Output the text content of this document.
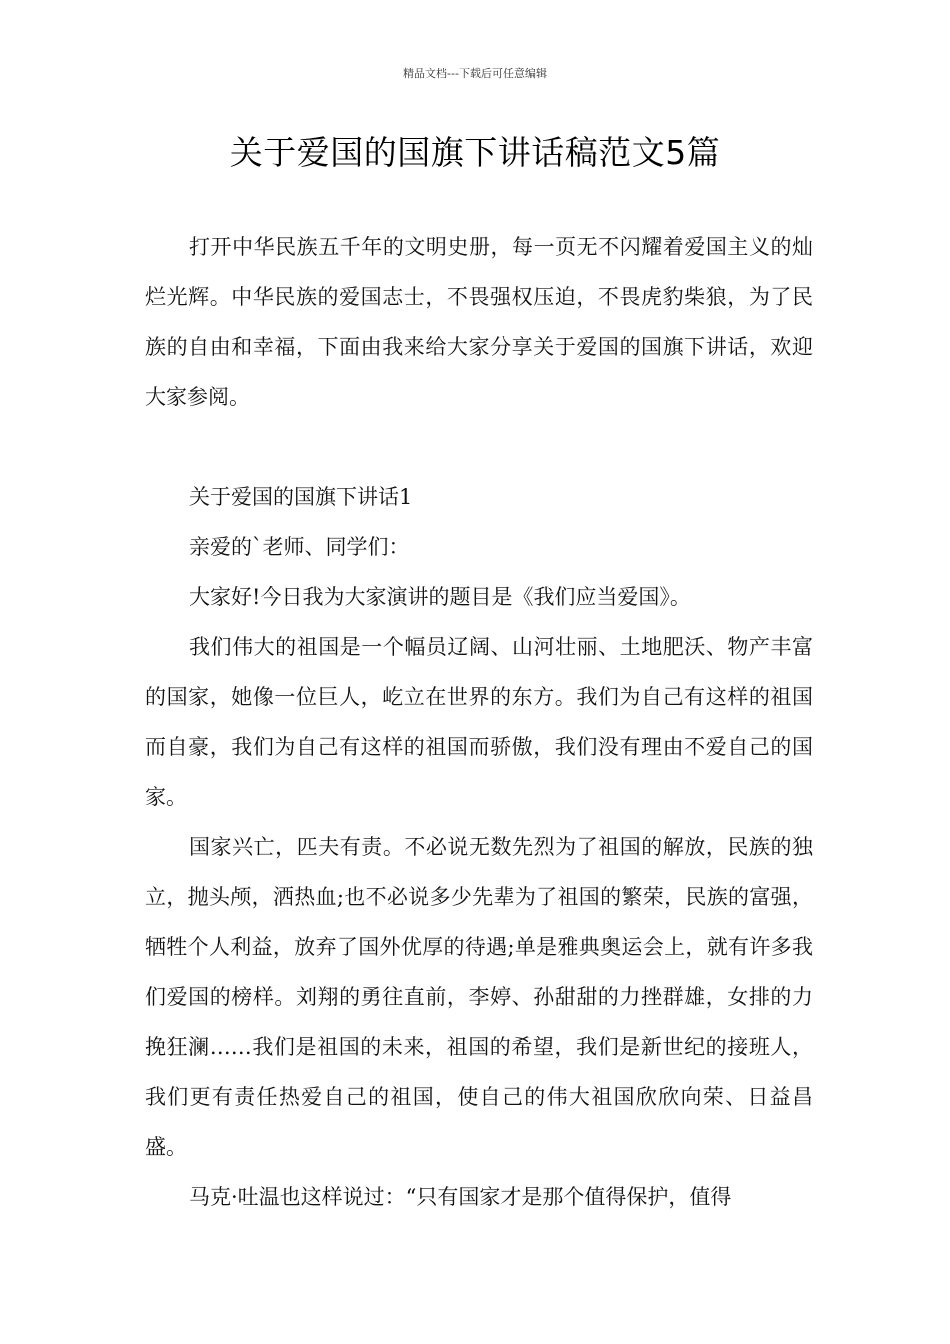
精品文档---下载后可任意编辑
关于爱国的国旗下讲话稿范文5篇

打开中华民族五千年的文明史册，每一页无不闪耀着爱国主义的灿烂光辉。中华民族的爱国志士，不畏强权压迫，不畏虎豹柴狼，为了民族的自由和幸福，下面由我来给大家分享关于爱国的国旗下讲话，欢迎大家参阅。

关于爱国的国旗下讲话1

亲爱的`老师、同学们：

大家好!今日我为大家演讲的题目是《我们应当爱国》。

我们伟大的祖国是一个幅员辽阔、山河壮丽、土地肥沃、物产丰富的国家，她像一位巨人，屹立在世界的东方。我们为自己有这样的祖国而自豪，我们为自己有这样的祖国而骄傲，我们没有理由不爱自己的国家。

国家兴亡，匹夫有责。不必说无数先烈为了祖国的解放，民族的独立，抛头颅，洒热血;也不必说多少先辈为了祖国的繁荣，民族的富强，牺牲个人利益，放弃了国外优厚的待遇;单是雅典奥运会上，就有许多我们爱国的榜样。刘翔的勇往直前，李婷、孙甜甜的力挫群雄，女排的力挽狂澜……我们是祖国的未来，祖国的希望，我们是新世纪的接班人，我们更有责任热爱自己的祖国，使自己的伟大祖国欣欣向荣、日益昌盛。

马克·吐温也这样说过：“只有国家才是那个值得保护，值得
